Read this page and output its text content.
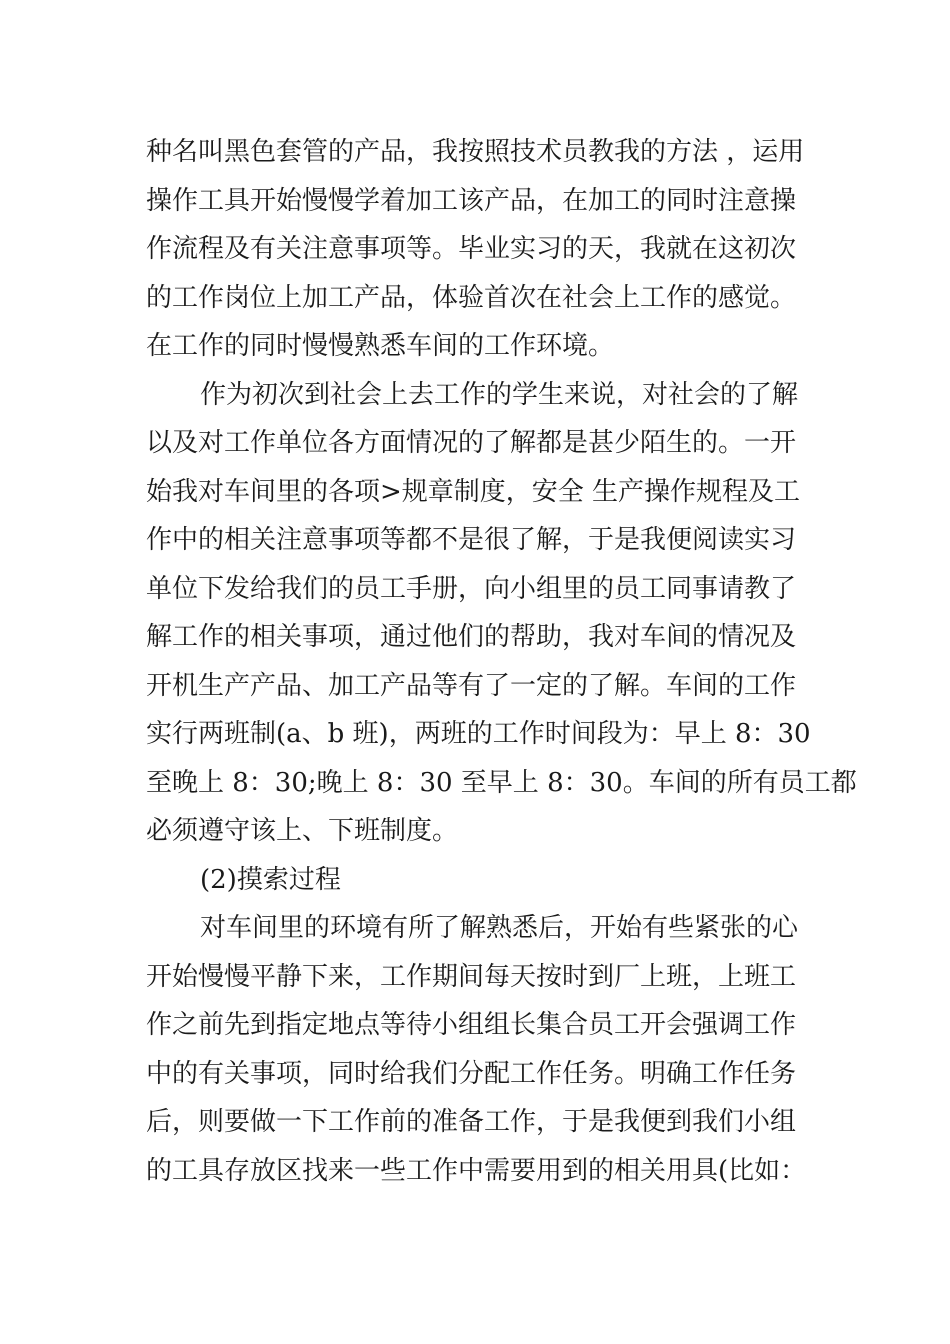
种名叫黑色套管的产品，我按照技术员教我的方法 ，运用
操作工具开始慢慢学着加工该产品，在加工的同时注意操
作流程及有关注意事项等。毕业实习的天，我就在这初次
的工作岗位上加工产品，体验首次在社会上工作的感觉。
在工作的同时慢慢熟悉车间的工作环境。
作为初次到社会上去工作的学生来说，对社会的了解
以及对工作单位各方面情况的了解都是甚少陌生的。一开
始我对车间里的各项>规章制度，安全 生产操作规程及工
作中的相关注意事项等都不是很了解，于是我便阅读实习
单位下发给我们的员工手册，向小组里的员工同事请教了
解工作的相关事项，通过他们的帮助，我对车间的情况及
开机生产产品、加工产品等有了一定的了解。车间的工作
实行两班制(a、b 班)，两班的工作时间段为：早上 8：30
至晚上 8：30;晚上 8：30 至早上 8：30。车间的所有员工都
必须遵守该上、下班制度。
(2)摸索过程
对车间里的环境有所了解熟悉后，开始有些紧张的心
开始慢慢平静下来，工作期间每天按时到厂上班，上班工
作之前先到指定地点等待小组组长集合员工开会强调工作
中的有关事项，同时给我们分配工作任务。明确工作任务
后，则要做一下工作前的准备工作，于是我便到我们小组
的工具存放区找来一些工作中需要用到的相关用具(比如：
